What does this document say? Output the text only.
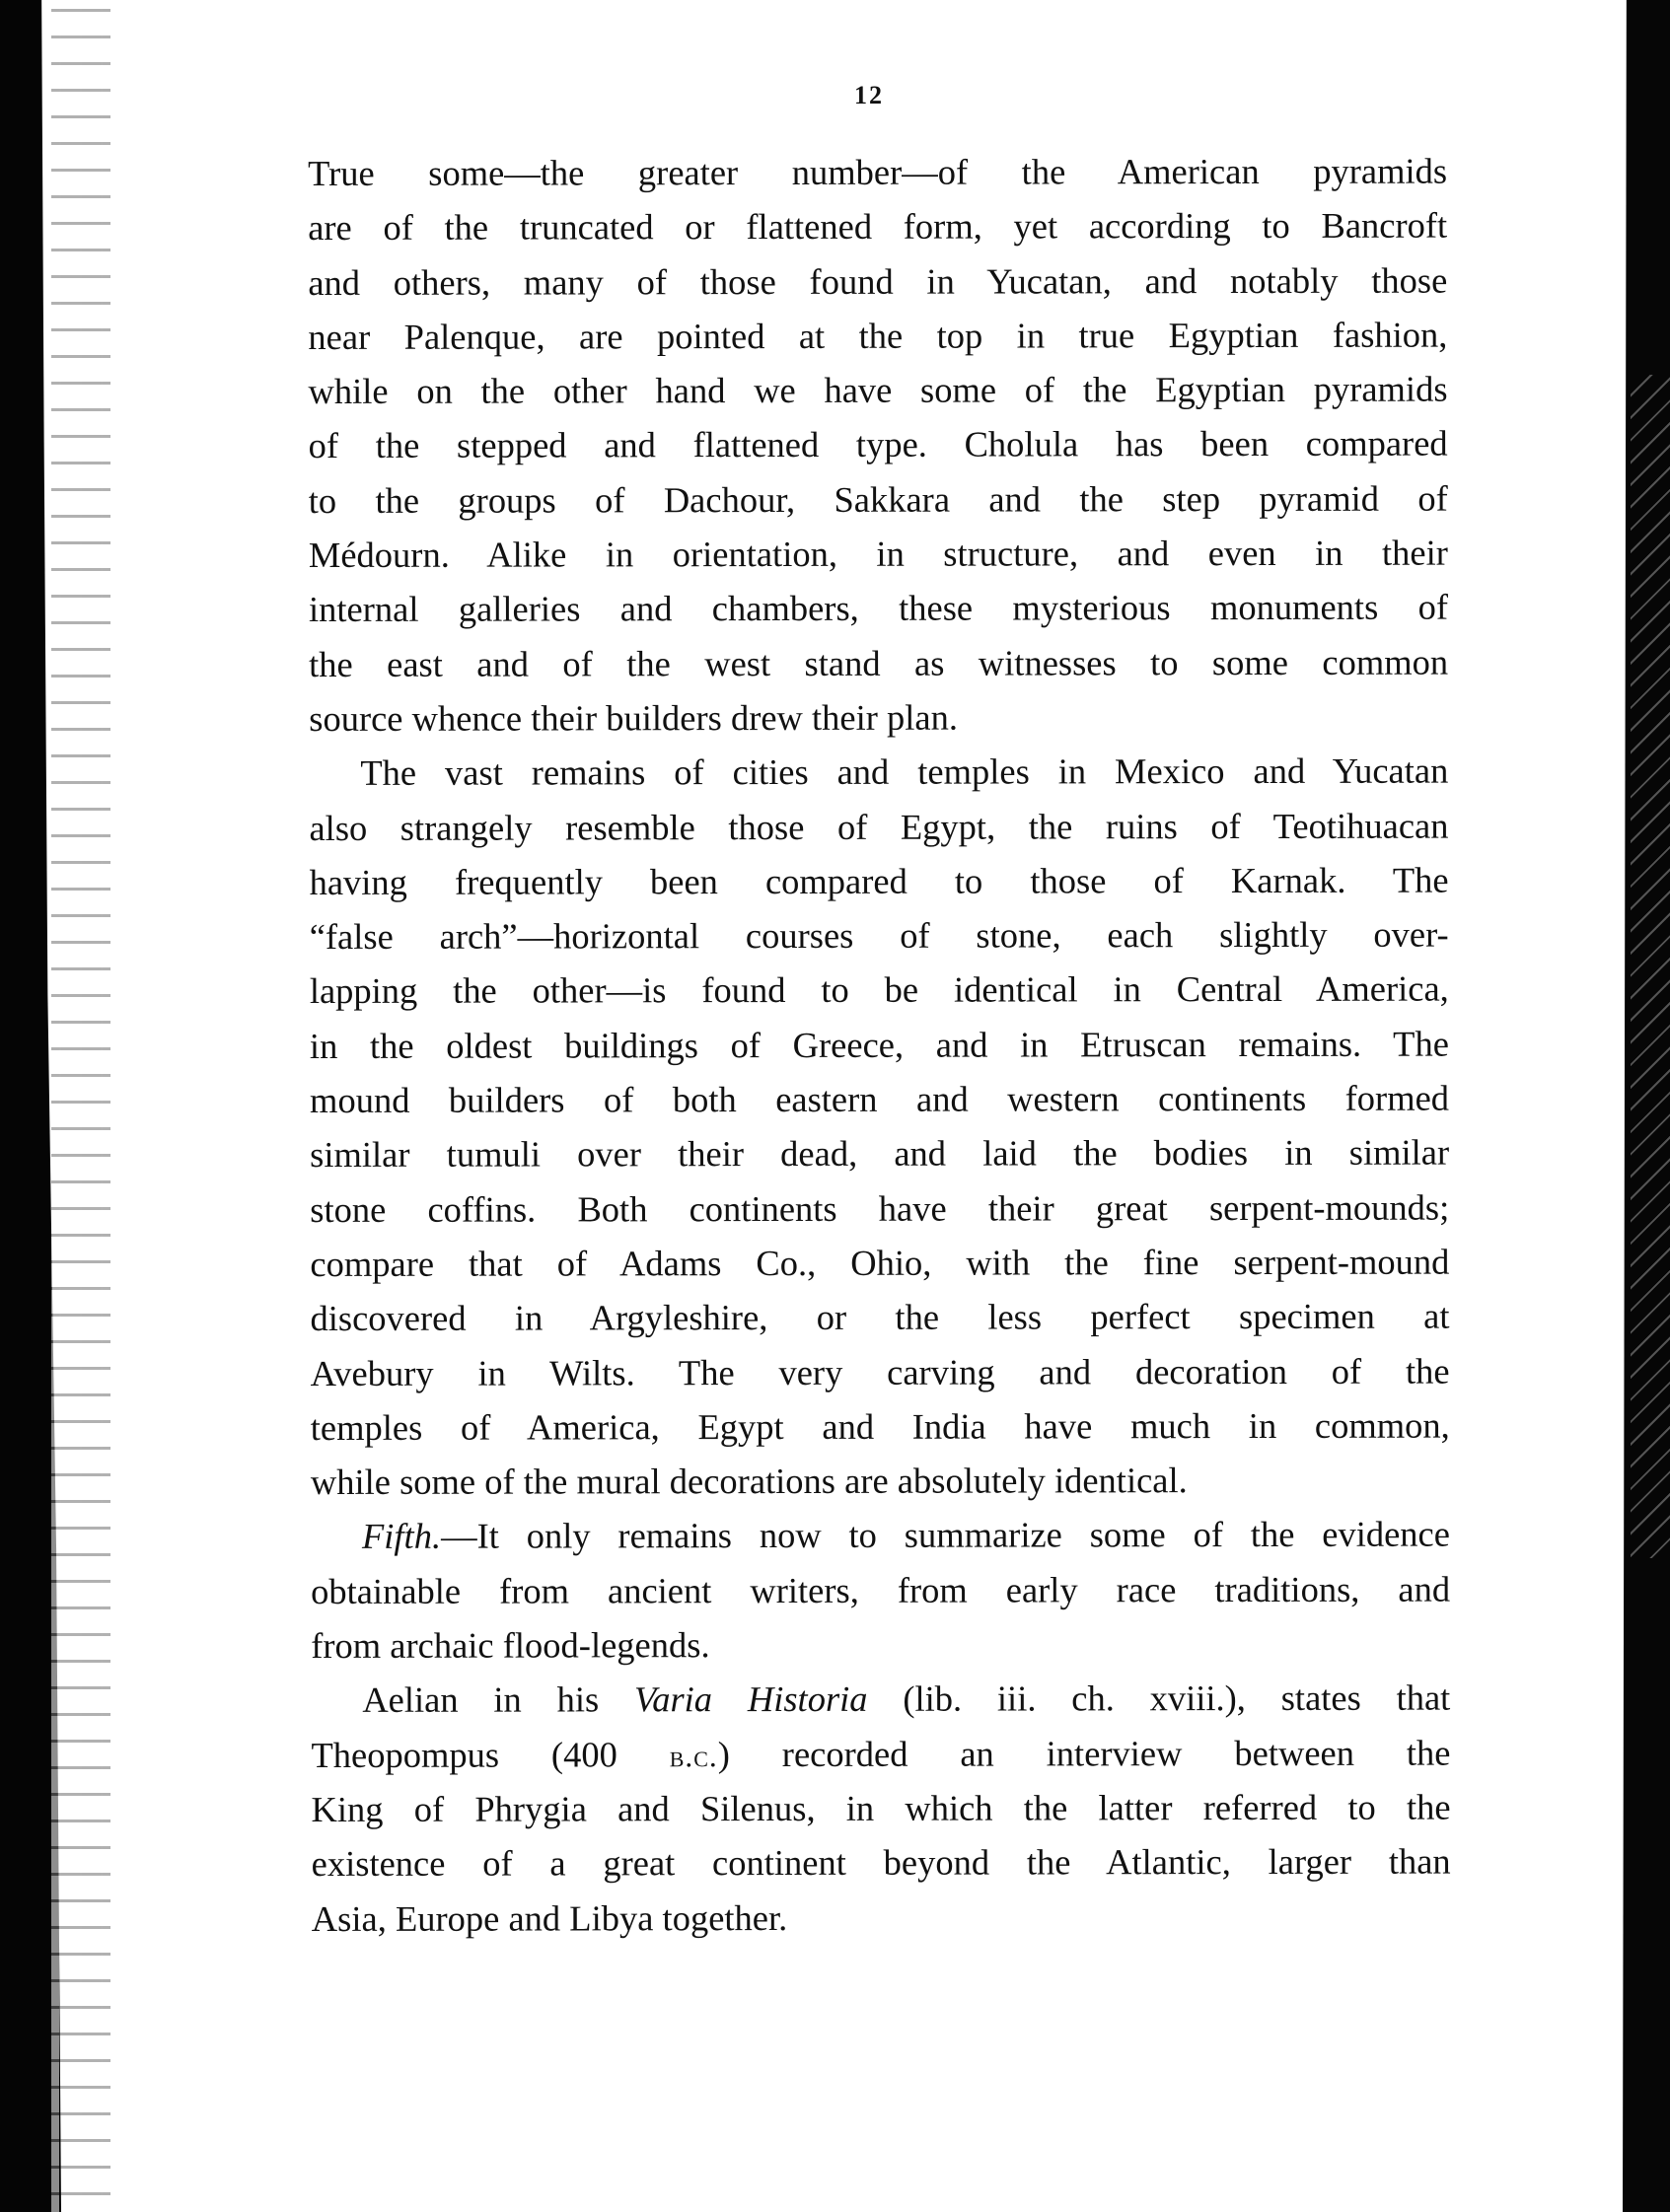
12
True some—the greater number—of the American pyramids
are of the truncated or flattened form, yet according to Bancroft
and others, many of those found in Yucatan, and notably those
near Palenque, are pointed at the top in true Egyptian fashion,
while on the other hand we have some of the Egyptian pyramids
of the stepped and flattened type. Cholula has been compared
to the groups of Dachour, Sakkara and the step pyramid of
Médourn. Alike in orientation, in structure, and even in their
internal galleries and chambers, these mysterious monuments of
the east and of the west stand as witnesses to some common
source whence their builders drew their plan.
The vast remains of cities and temples in Mexico and Yucatan
also strangely resemble those of Egypt, the ruins of Teotihuacan
having frequently been compared to those of Karnak. The
“false arch”—horizontal courses of stone, each slightly over-
lapping the other—is found to be identical in Central America,
in the oldest buildings of Greece, and in Etruscan remains. The
mound builders of both eastern and western continents formed
similar tumuli over their dead, and laid the bodies in similar
stone coffins. Both continents have their great serpent-mounds;
compare that of Adams Co., Ohio, with the fine serpent-mound
discovered in Argyleshire, or the less perfect specimen at
Avebury in Wilts. The very carving and decoration of the
temples of America, Egypt and India have much in common,
while some of the mural decorations are absolutely identical.
Fifth.—It only remains now to summarize some of the evidence
obtainable from ancient writers, from early race traditions, and
from archaic flood-legends.
Aelian in his Varia Historia (lib. iii. ch. xviii.), states that
Theopompus (400 b.c.) recorded an interview between the
King of Phrygia and Silenus, in which the latter referred to the
existence of a great continent beyond the Atlantic, larger than
Asia, Europe and Libya together.
